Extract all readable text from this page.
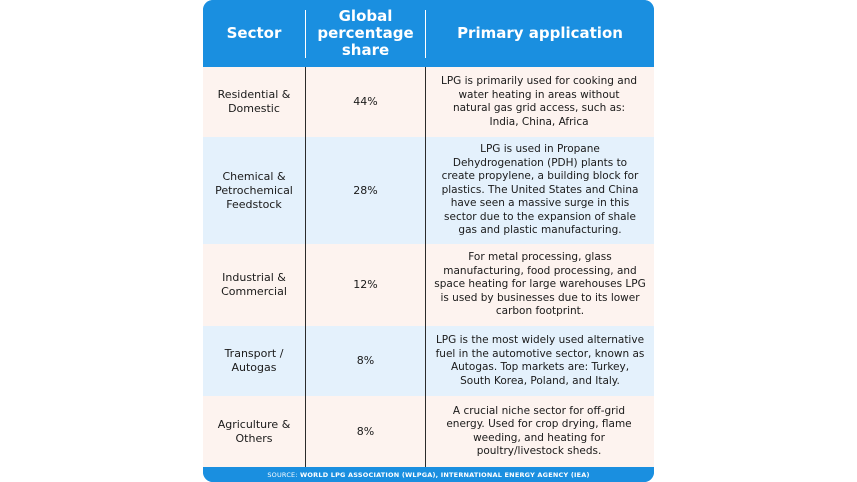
Sector
Global percentage share
Primary application
Residential & Domestic
44%
LPG is primarily used for cooking and water heating in areas without natural gas grid access, such as: India, China, Africa
Chemical & Petrochemical Feedstock
28%
LPG is used in Propane Dehydrogenation (PDH) plants to create propylene, a building block for plastics. The United States and China have seen a massive surge in this sector due to the expansion of shale gas and plastic manufacturing.
Industrial & Commercial
12%
For metal processing, glass manufacturing, food processing, and space heating for large warehouses LPG is used by businesses due to its lower carbon footprint.
Transport / Autogas
8%
LPG is the most widely used alternative fuel in the automotive sector, known as Autogas. Top markets are: Turkey, South Korea, Poland, and Italy.
Agriculture & Others
8%
A crucial niche sector for off-grid energy. Used for crop drying, flame weeding, and heating for poultry/livestock sheds.
SOURCE:
WORLD LPG ASSOCIATION (WLPGA), INTERNATIONAL ENERGY AGENCY (IEA)
